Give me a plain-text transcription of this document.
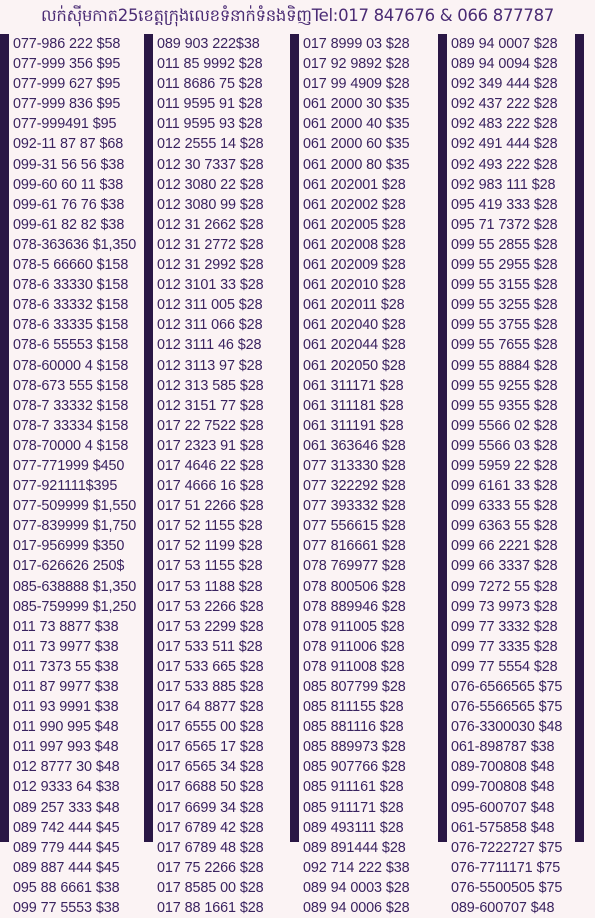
លក់ស៊ីមកាត25ខេត្តក្រុងលេខទំនាក់ទំនងទិញTel:017 847676 & 066 877787
077-986 222 $58
077-999 356 $95
077-999 627 $95
077-999 836 $95
077-999491 $95
092-11 87 87 $68
099-31 56 56 $38
099-60 60 11 $38
099-61 76 76 $38
099-61 82 82 $38
078-363636 $1,350
078-5 66660 $158
078-6 33330 $158
078-6 33332 $158
078-6 33335 $158
078-6 55553 $158
078-60000 4 $158
078-673 555 $158
078-7 33332 $158
078-7 33334 $158
078-70000 4 $158
077-771999 $450
077-921111$395
077-509999 $1,550
077-839999 $1,750
017-956999 $350
017-626626 250$
085-638888 $1,350
085-759999 $1,250
011 73 8877 $38
011 73 9977 $38
011 7373 55 $38
011 87 9977 $38
011 93 9991 $38
011 990 995 $48
011 997 993 $48
012 8777 30 $48
012 9333 64 $38
089 257 333 $48
089 742 444 $45
089 779 444 $45
089 887 444 $45
095 88 6661 $38
099 77 5553 $38
089 903 222$38
011 85 9992 $28
011 8686 75 $28
011 9595 91 $28
011 9595 93 $28
012 2555 14 $28
012 30 7337 $28
012 3080 22 $28
012 3080 99 $28
012 31 2662 $28
012 31 2772 $28
012 31 2992 $28
012 3101 33 $28
012 311 005 $28
012 311 066 $28
012 3111 46 $28
012 3113 97 $28
012 313 585 $28
012 3151 77 $28
017 22 7522 $28
017 2323 91 $28
017 4646 22 $28
017 4666 16 $28
017 51 2266 $28
017 52 1155 $28
017 52 1199 $28
017 53 1155 $28
017 53 1188 $28
017 53 2266 $28
017 53 2299 $28
017 533 511 $28
017 533 665 $28
017 533 885 $28
017 64 8877 $28
017 6555 00 $28
017 6565 17 $28
017 6565 34 $28
017 6688 50 $28
017 6699 34 $28
017 6789 42 $28
017 6789 48 $28
017 75 2266 $28
017 8585 00 $28
017 88 1661 $28
017 8999 03 $28
017 92 9892 $28
017 99 4909 $28
061 2000 30 $35
061 2000 40 $35
061 2000 60 $35
061 2000 80 $35
061 202001 $28
061 202002 $28
061 202005 $28
061 202008 $28
061 202009 $28
061 202010 $28
061 202011 $28
061 202040 $28
061 202044 $28
061 202050 $28
061 311171 $28
061 311181 $28
061 311191 $28
061 363646 $28
077 313330 $28
077 322292 $28
077 393332 $28
077 556615 $28
077 816661 $28
078 769977 $28
078 800506 $28
078 889946 $28
078 911005 $28
078 911006 $28
078 911008 $28
085 807799 $28
085 811155 $28
085 881116 $28
085 889973 $28
085 907766 $28
085 911161 $28
085 911171 $28
089 493111 $28
089 891444 $28
092 714 222 $38
089 94 0003 $28
089 94 0006 $28
089 94 0007 $28
089 94 0094 $28
092 349 444 $28
092 437 222 $28
092 483 222 $28
092 491 444 $28
092 493 222 $28
092 983 111 $28
095 419 333 $28
095 71 7372 $28
099 55 2855 $28
099 55 2955 $28
099 55 3155 $28
099 55 3255 $28
099 55 3755 $28
099 55 7655 $28
099 55 8884 $28
099 55 9255 $28
099 55 9355 $28
099 5566 02 $28
099 5566 03 $28
099 5959 22 $28
099 6161 33 $28
099 6333 55 $28
099 6363 55 $28
099 66 2221 $28
099 66 3337 $28
099 7272 55 $28
099 73 9973 $28
099 77 3332 $28
099 77 3335 $28
099 77 5554 $28
076-6566565 $75
076-5566565 $75
076-3300030 $48
061-898787 $38
089-700808 $48
099-700808 $48
095-600707 $48
061-575858 $48
076-7222727 $75
076-7711171 $75
076-5500505 $75
089-600707 $48
